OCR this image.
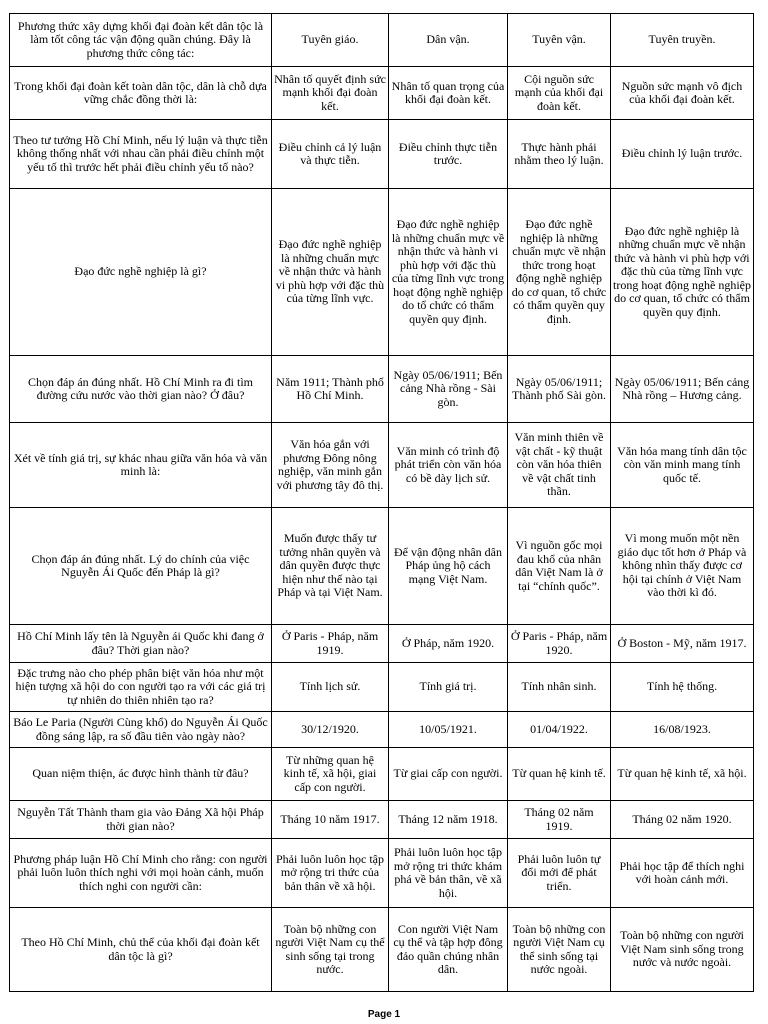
Phương thức xây dựng khối đại đoàn kết dân tộc là làm tốt công tác vận động quần chúng. Đây là phương thức công tác:	Tuyên giáo.	Dân vận.	Tuyên vận.	Tuyên truyền.
Trong khối đại đoàn kết toàn dân tộc, dân là chỗ dựa vững chắc đồng thời là:	Nhân tố quyết định sức mạnh khối đại đoàn kết.	Nhân tố quan trọng của khối đại đoàn kết.	Cội nguồn sức mạnh của khối đại đoàn kết.	Nguồn sức mạnh vô địch của khối đại đoàn kết.
Theo tư tưởng Hồ Chí Minh, nếu lý luận và thực tiễn không thống nhất với nhau cần phải điều chỉnh một yếu tố thì trước hết phải điều chỉnh yếu tố nào?	Điều chỉnh cả lý luận và thực tiễn.	Điều chỉnh thực tiễn trước.	Thực hành phải nhằm theo lý luận.	Điều chỉnh lý luận trước.
Đạo đức nghề nghiệp là gì?	Đạo đức nghề nghiệp là những chuẩn mực về nhận thức và hành vi phù hợp với đặc thù của từng lĩnh vực.	Đạo đức nghề nghiệp là những chuẩn mực về nhận thức và hành vi phù hợp với đặc thù của từng lĩnh vực trong hoạt động nghề nghiệp do tổ chức có thẩm quyền quy định.	Đạo đức nghề nghiệp là những chuẩn mực về nhận thức trong hoạt động nghề nghiệp do cơ quan, tổ chức có thẩm quyền quy định.	Đạo đức nghề nghiệp là những chuẩn mực về nhận thức và hành vi phù hợp với đặc thù của từng lĩnh vực trong hoạt động nghề nghiệp do cơ quan, tổ chức có thẩm quyền quy định.
Chọn đáp án đúng nhất. Hồ Chí Minh ra đi tìm đường cứu nước vào thời gian nào? Ở đâu?	Năm 1911; Thành phố Hồ Chí Minh.	Ngày 05/06/1911; Bến cảng Nhà rồng - Sài gòn.	Ngày 05/06/1911; Thành phố Sài gòn.	Ngày 05/06/1911; Bến cảng Nhà rồng – Hương cảng.
Xét về tính giá trị, sự khác nhau giữa văn hóa và văn minh là:	Văn hóa gắn với phương Đông nông nghiệp, văn minh gắn với phương tây đô thị.	Văn minh có trình độ phát triển còn văn hóa có bề dày lịch sử.	Văn minh thiên về vật chất - kỹ thuật còn văn hóa thiên về vật chất tinh thần.	Văn hóa mang tính dân tộc còn văn minh mang tính quốc tế.
Chọn đáp án đúng nhất. Lý do chính của việc Nguyễn Ái Quốc đến Pháp là gì?	Muốn được thấy tư tưởng nhân quyền và dân quyền được thực hiện như thế nào tại Pháp và tại Việt Nam.	Để vận động nhân dân Pháp ủng hộ cách mạng Việt Nam.	Vì nguồn gốc mọi đau khổ của nhân dân Việt Nam là ở tại “chính quốc”.	Vì mong muốn một nền giáo dục tốt hơn ở Pháp và không nhìn thấy được cơ hội tại chính ở Việt Nam vào thời kì đó.
Hồ Chí Minh lấy tên là Nguyễn ái Quốc khi đang ở đâu? Thời gian nào?	Ở Paris - Pháp, năm 1919.	Ở Pháp, năm 1920.	Ở Paris - Pháp, năm 1920.	Ở Boston - Mỹ, năm 1917.
Đặc trưng nào cho phép phân biệt văn hóa như một hiện tượng xã hội do con người tạo ra với các giá trị tự nhiên do thiên nhiên tạo ra?	Tính lịch sử.	Tính giá trị.	Tính nhân sinh.	Tính hệ thống.
Báo Le Paria (Người Cùng khổ) do Nguyễn Ái Quốc đồng sáng lập, ra số đầu tiên vào ngày nào?	30/12/1920.	10/05/1921.	01/04/1922.	16/08/1923.
Quan niệm thiện, ác được hình thành từ đâu?	Từ những quan hệ kinh tế, xã hội, giai cấp con người.	Từ giai cấp con người.	Từ quan hệ kinh tế.	Từ quan hệ kinh tế, xã hội.
Nguyễn Tất Thành tham gia vào Đảng Xã hội Pháp thời gian nào?	Tháng 10 năm 1917.	Tháng 12 năm 1918.	Tháng 02 năm 1919.	Tháng 02 năm 1920.
Phương pháp luận Hồ Chí Minh cho rằng: con người phải luôn luôn thích nghi với mọi hoàn cảnh, muốn thích nghi con người cần:	Phải luôn luôn học tập mở rộng tri thức của bản thân về xã hội.	Phải luôn luôn học tập mở rộng tri thức khám phá về bản thân, về xã hội.	Phải luôn luôn tự đổi mới để phát triển.	Phải học tập để thích nghi với hoàn cảnh mới.
Theo Hồ Chí Minh, chủ thể của khối đại đoàn kết dân tộc là gì?	Toàn bộ những con người Việt Nam cụ thể sinh sống tại trong nước.	Con người Việt Nam cụ thể và tập hợp đông đảo quần chúng nhân dân.	Toàn bộ những con người Việt Nam cụ thể sinh sống tại nước ngoài.	Toàn bộ những con người Việt Nam sinh sống trong nước và nước ngoài.
Page 1
